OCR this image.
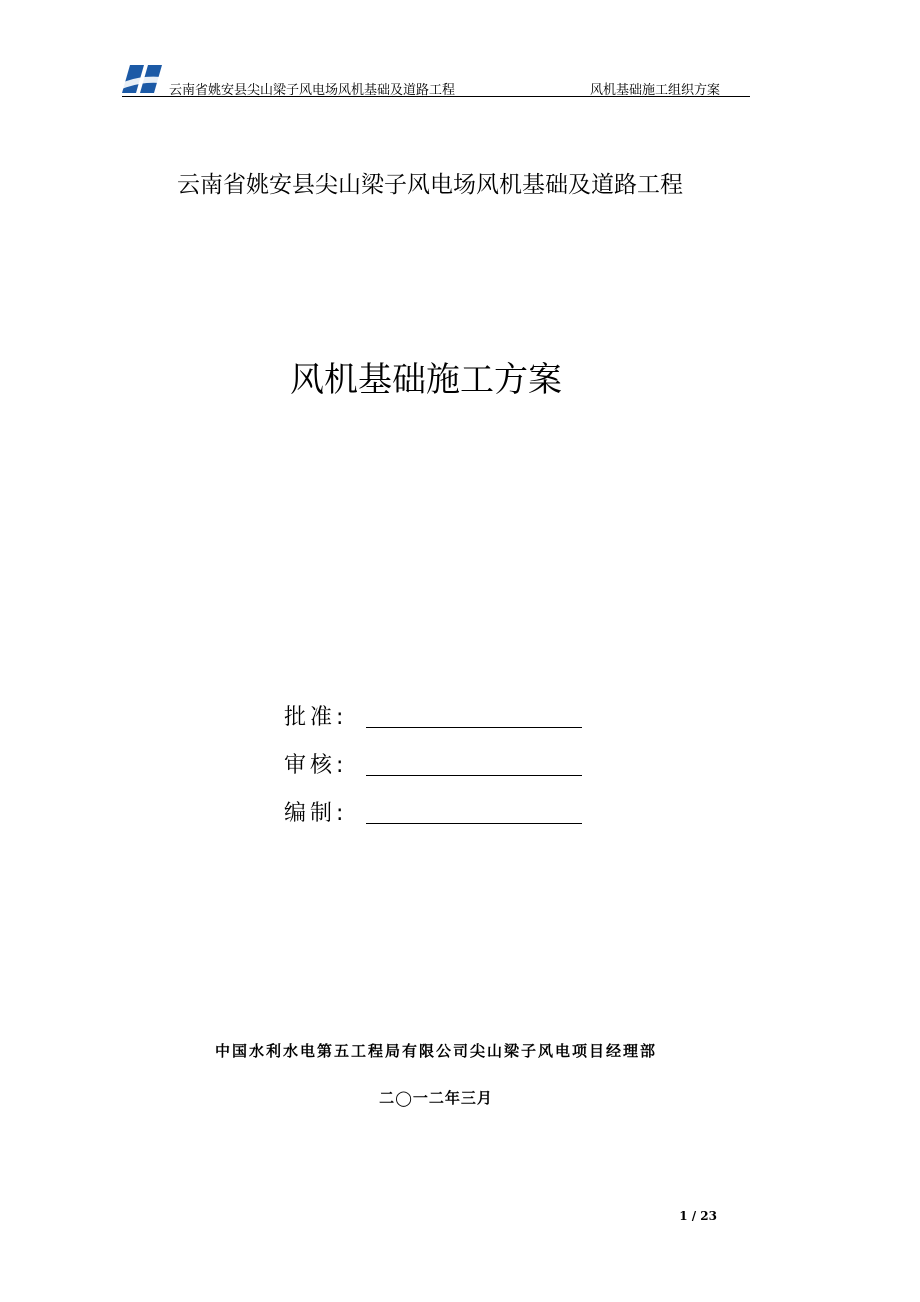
云南省姚安县尖山梁子风电场风机基础及道路工程	风机基础施工组织方案
云南省姚安县尖山梁子风电场风机基础及道路工程
风机基础施工方案
批准:
审核:
编制:
中国水利水电第五工程局有限公司尖山梁子风电项目经理部
二◯一二年三月
1 / 23
